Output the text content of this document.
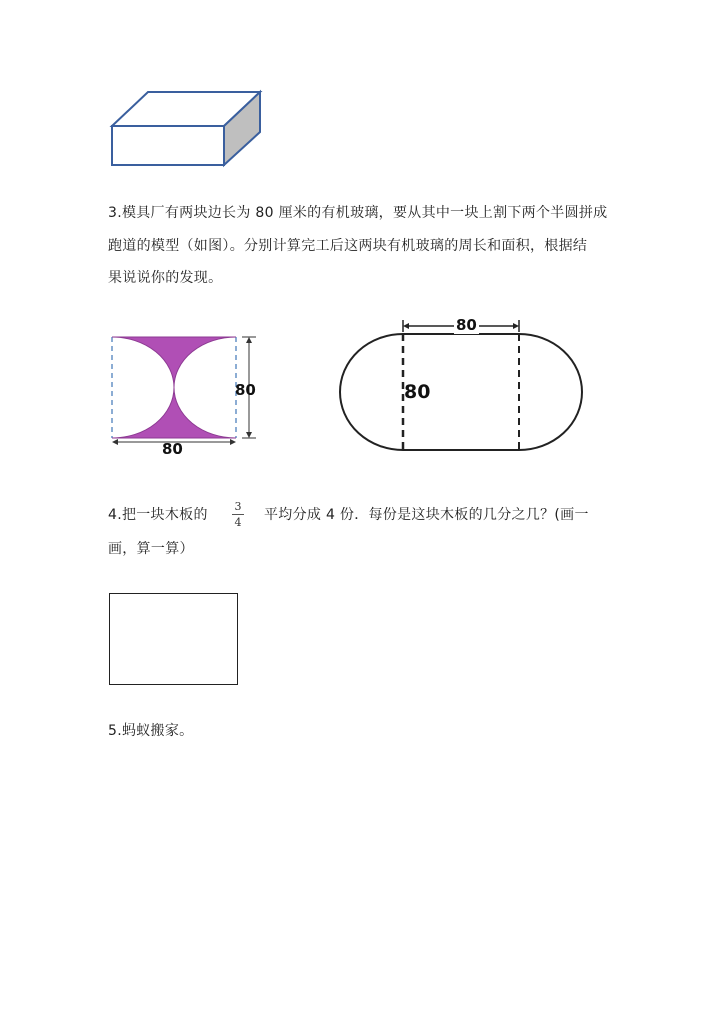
3.模具厂有两块边长为 80 厘米的有机玻璃，要从其中一块上割下两个半圆拼成
跑道的模型（如图）。分别计算完工后这两块有机玻璃的周长和面积，根据结
果说说你的发现。
80
80
80
80
4.把一块木板的
3
4 平均分成 4 份．每份是这块木板的几分之几？(画一
画，算一算）
5.蚂蚁搬家。
